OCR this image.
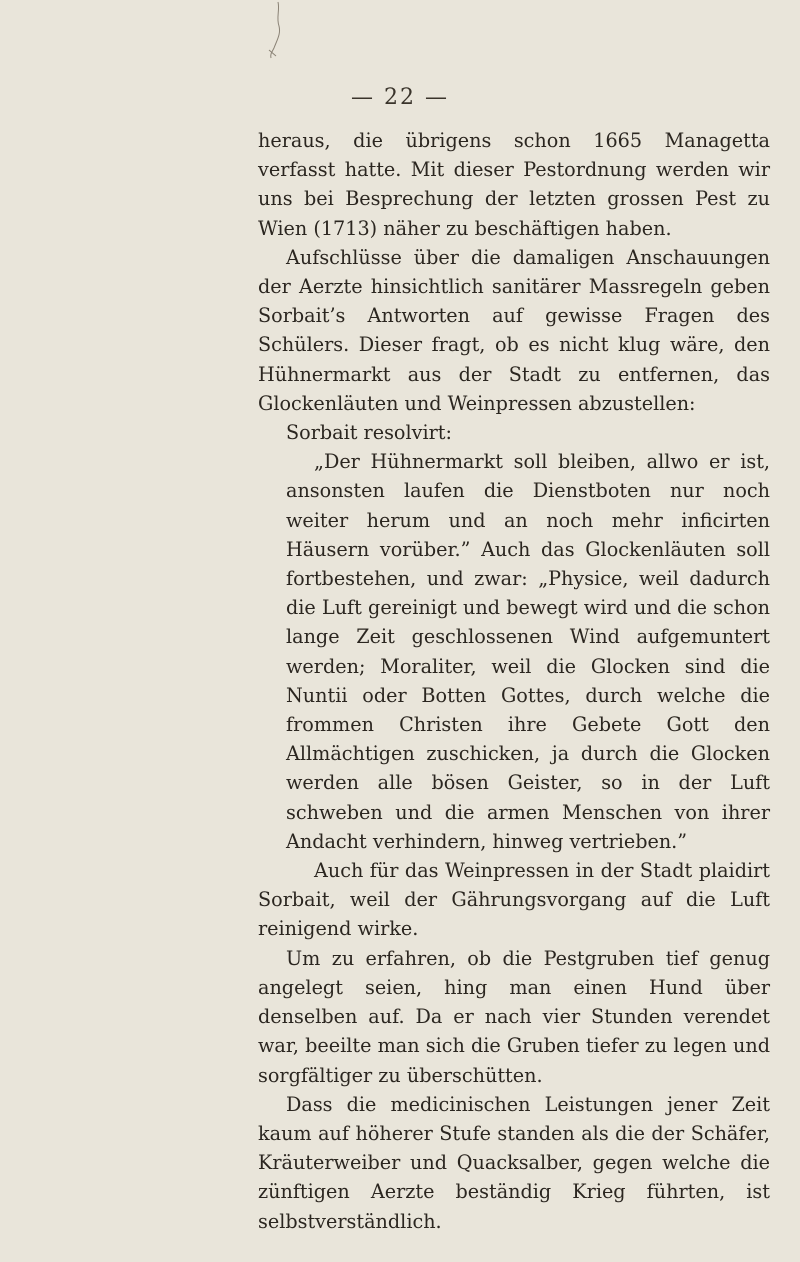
— 22 —

heraus, die übrigens schon 1665 Managetta verfasst hatte. Mit dieser Pestordnung werden wir uns bei Besprechung der letzten grossen Pest zu Wien (1713) näher zu beschäftigen haben.

Aufschlüsse über die damaligen Anschauungen der Aerzte hinsichtlich sanitärer Massregeln geben Sorbait’s Antworten auf gewisse Fragen des Schülers. Dieser fragt, ob es nicht klug wäre, den Hühnermarkt aus der Stadt zu entfernen, das Glockenläuten und Weinpressen abzustellen:

Sorbait resolvirt:

„Der Hühnermarkt soll bleiben, allwo er ist, ansonsten laufen die Dienstboten nur noch weiter herum und an noch mehr inficirten Häusern vorüber.” Auch das Glockenläuten soll fortbestehen, und zwar: „Physice, weil dadurch die Luft gereinigt und bewegt wird und die schon lange Zeit geschlossenen Wind aufgemuntert werden; Moraliter, weil die Glocken sind die Nuntii oder Botten Gottes, durch welche die frommen Christen ihre Gebete Gott den Allmächtigen zuschicken, ja durch die Glocken werden alle bösen Geister, so in der Luft schweben und die armen Menschen von ihrer Andacht verhindern, hinweg vertrieben.”

Auch für das Weinpressen in der Stadt plaidirt Sorbait, weil der Gährungsvorgang auf die Luft reinigend wirke.

Um zu erfahren, ob die Pestgruben tief genug angelegt seien, hing man einen Hund über denselben auf. Da er nach vier Stunden verendet war, beeilte man sich die Gruben tiefer zu legen und sorgfältiger zu überschütten.

Dass die medicinischen Leistungen jener Zeit kaum auf höherer Stufe standen als die der Schäfer, Kräuterweiber und Quacksalber, gegen welche die zünftigen Aerzte beständig Krieg führten, ist selbstverständlich.
